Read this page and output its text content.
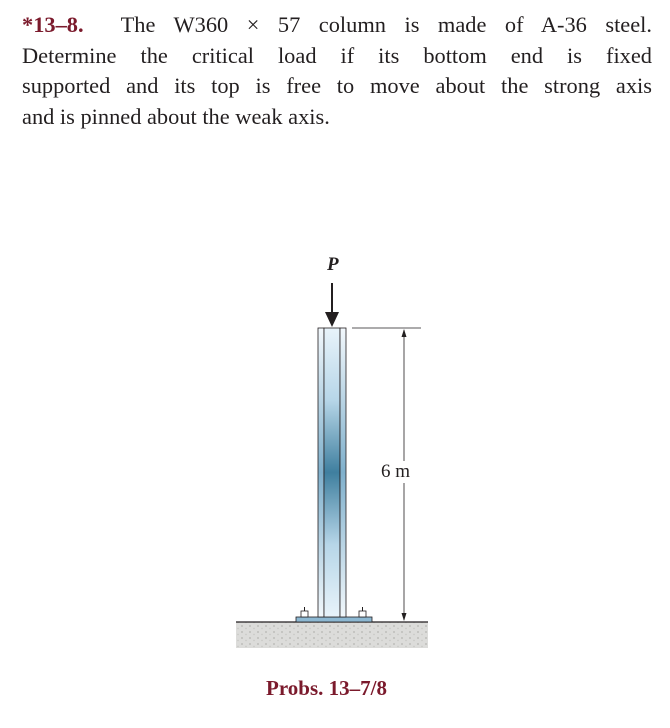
*13–8. The W360 × 57 column is made of A-36 steel.
Determine the critical load if its bottom end is fixed
supported and its top is free to move about the strong axis
and is pinned about the weak axis.
P
6 m
Probs. 13–7/8
